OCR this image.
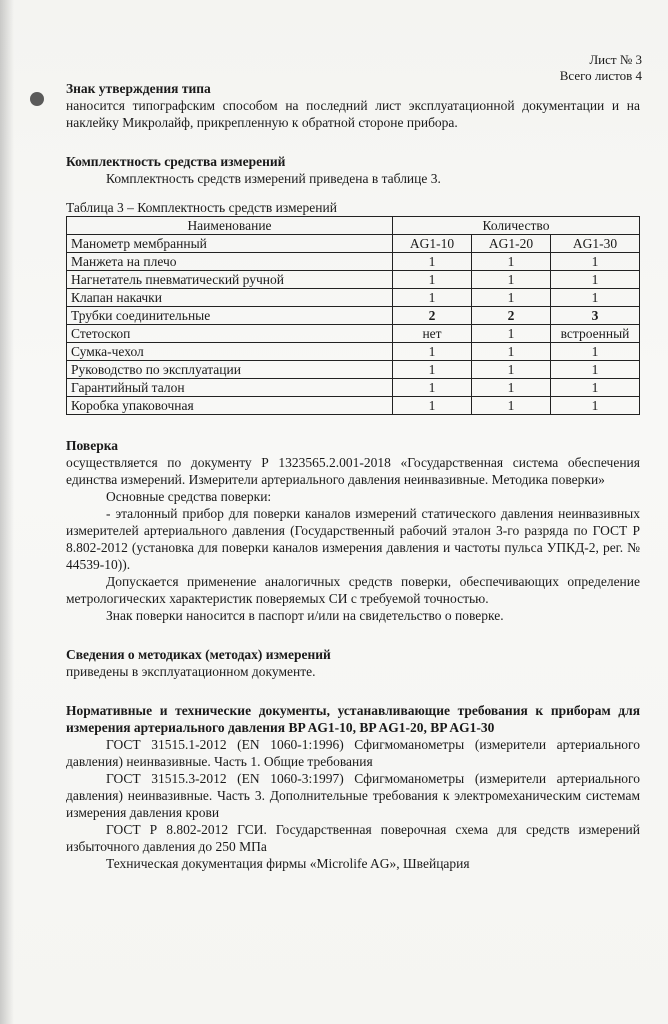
Лист № 3
Всего листов 4

Знак утверждения типа

наносится типографским способом на последний лист эксплуатационной документации и на наклейку Микролайф, прикрепленную к обратной стороне прибора.

Комплектность средства измерений

Комплектность средств измерений приведена в таблице 3.

Таблица 3 – Комплектность средств измерений

Наименование	Количество		
Манометр мембранный	AG1-10	AG1-20	AG1-30
Манжета на плечо	1	1	1
Нагнетатель пневматический ручной	1	1	1
Клапан накачки	1	1	1
Трубки соединительные	2	2	3
Стетоскоп	нет	1	встроенный
Сумка-чехол	1	1	1
Руководство по эксплуатации	1	1	1
Гарантийный талон	1	1	1
Коробка упаковочная	1	1	1

Поверка

осуществляется по документу Р 1323565.2.001-2018 «Государственная система обеспечения единства измерений. Измерители артериального давления неинвазивные. Методика поверки»

Основные средства поверки:

- эталонный прибор для поверки каналов измерений статического давления неинвазивных измерителей артериального давления (Государственный рабочий эталон 3-го разряда по ГОСТ Р 8.802-2012 (установка для поверки каналов измерения давления и частоты пульса УПКД-2, рег. № 44539-10)).

Допускается применение аналогичных средств поверки, обеспечивающих определение метрологических характеристик поверяемых СИ с требуемой точностью.

Знак поверки наносится в паспорт и/или на свидетельство о поверке.

Сведения о методиках (методах) измерений

приведены в эксплуатационном документе.

Нормативные и технические документы, устанавливающие требования к приборам для измерения артериального давления BP AG1-10, BP AG1-20, BP AG1-30

ГОСТ 31515.1-2012 (EN 1060-1:1996) Сфигмоманометры (измерители артериального давления) неинвазивные. Часть 1. Общие требования

ГОСТ 31515.3-2012 (EN 1060-3:1997) Сфигмоманометры (измерители артериального давления) неинвазивные. Часть 3. Дополнительные требования к электромеханическим системам измерения давления крови

ГОСТ Р 8.802-2012 ГСИ. Государственная поверочная схема для средств измерений избыточного давления до 250 МПа

Техническая документация фирмы «Microlife AG», Швейцария
